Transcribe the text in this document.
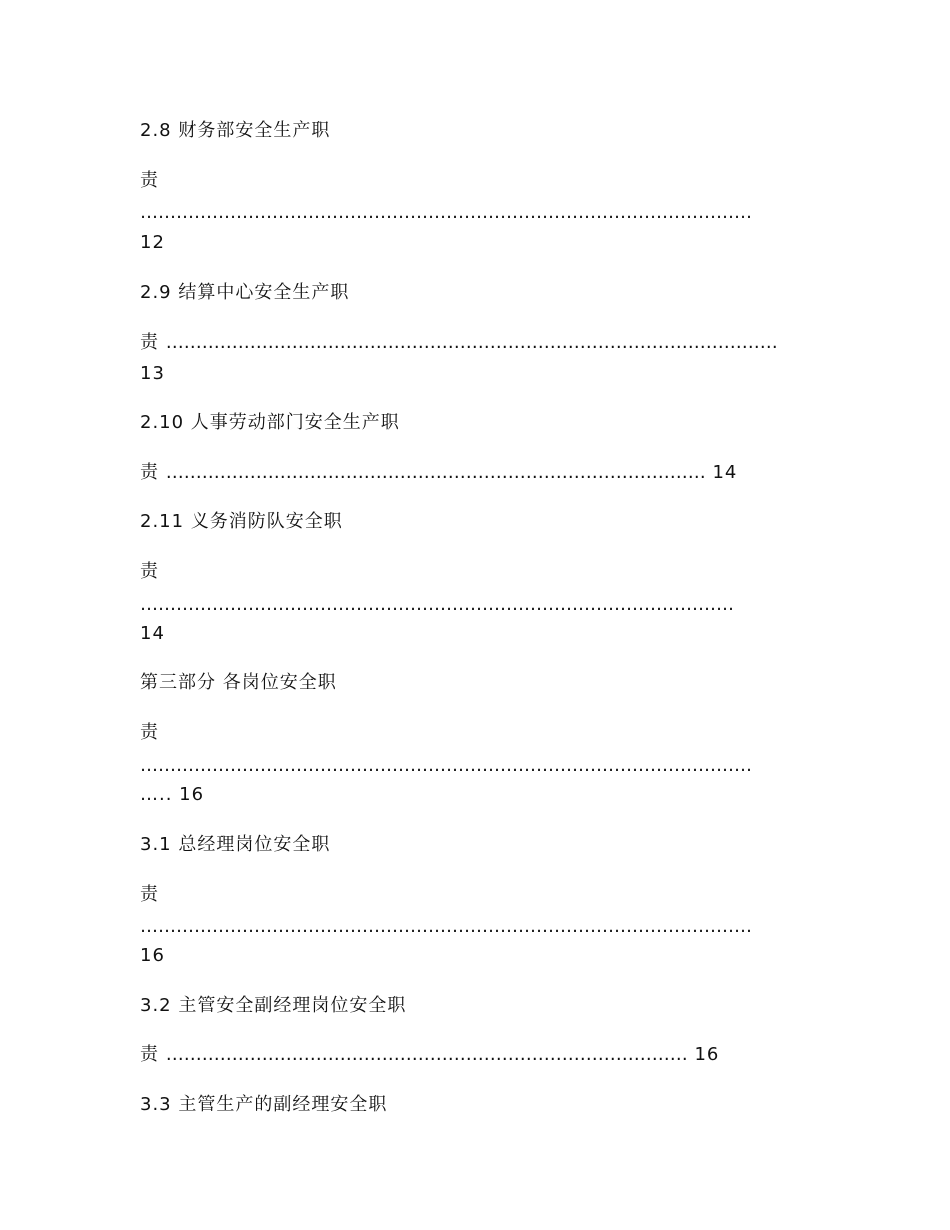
2.8 财务部安全生产职
责
…………………………………………………………………………………………
12
2.9 结算中心安全生产职
责 …………………………………………………………………………………………
13
2.10 人事劳动部门安全生产职
责 ……………………………………………………………………………… 14
2.11 义务消防队安全职
责
………………………………………………………………………………………
14
第三部分 各岗位安全职
责
…………………………………………………………………………………………
….. 16
3.1 总经理岗位安全职
责
…………………………………………………………………………………………
16
3.2 主管安全副经理岗位安全职
责 …………………………………………………………………………… 16
3.3 主管生产的副经理安全职
